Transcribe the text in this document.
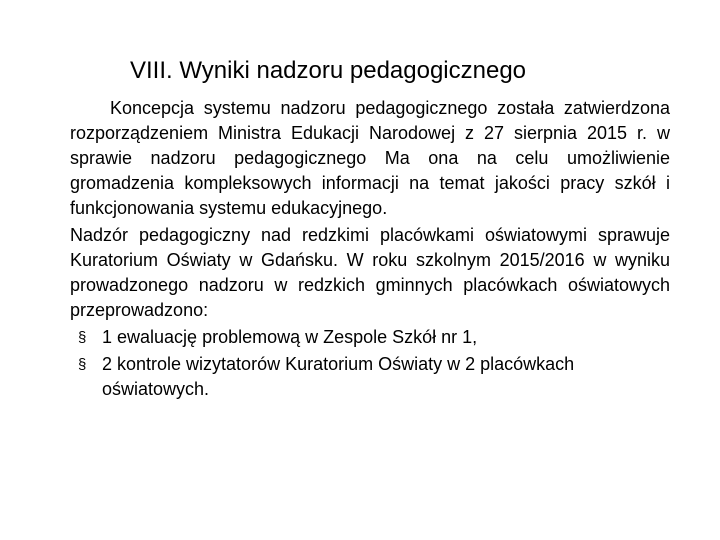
VIII. Wyniki nadzoru pedagogicznego

Koncepcja systemu nadzoru pedagogicznego została zatwierdzona rozporządzeniem Ministra Edukacji Narodowej z 27 sierpnia 2015 r. w sprawie nadzoru pedagogicznego Ma ona na celu umożliwienie gromadzenia kompleksowych informacji na temat jakości pracy szkół i funkcjonowania systemu edukacyjnego.

Nadzór pedagogiczny nad redzkimi placówkami oświatowymi sprawuje Kuratorium Oświaty w Gdańsku. W roku szkolnym 2015/2016 w wyniku prowadzonego nadzoru w redzkich gminnych placówkach oświatowych przeprowadzono:

§ 1 ewaluację problemową w Zespole Szkół nr 1,
§ 2 kontrole wizytatorów Kuratorium Oświaty w 2 placówkach oświatowych.
